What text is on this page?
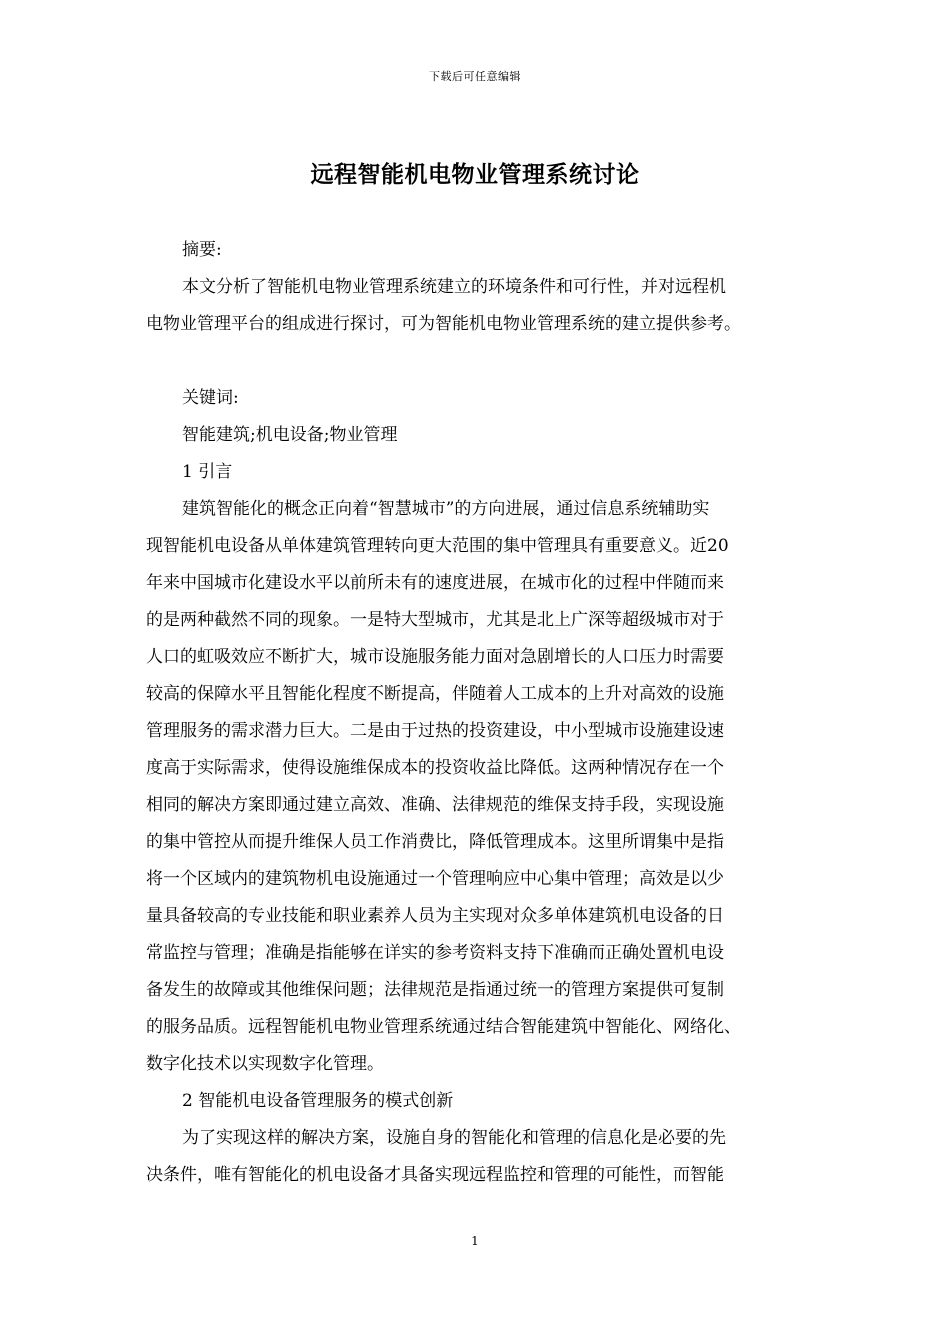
下载后可任意编辑
远程智能机电物业管理系统讨论

摘要:

本文分析了智能机电物业管理系统建立的环境条件和可行性，并对远程机
电物业管理平台的组成进行探讨，可为智能机电物业管理系统的建立提供参考。

关键词:

智能建筑;机电设备;物业管理

1 引言

建筑智能化的概念正向着“智慧城市”的方向进展，通过信息系统辅助实
现智能机电设备从单体建筑管理转向更大范围的集中管理具有重要意义。近20
年来中国城市化建设水平以前所未有的速度进展，在城市化的过程中伴随而来
的是两种截然不同的现象。一是特大型城市，尤其是北上广深等超级城市对于
人口的虹吸效应不断扩大，城市设施服务能力面对急剧增长的人口压力时需要
较高的保障水平且智能化程度不断提高，伴随着人工成本的上升对高效的设施
管理服务的需求潜力巨大。二是由于过热的投资建设，中小型城市设施建设速
度高于实际需求，使得设施维保成本的投资收益比降低。这两种情况存在一个
相同的解决方案即通过建立高效、准确、法律规范的维保支持手段，实现设施
的集中管控从而提升维保人员工作消费比，降低管理成本。这里所谓集中是指
将一个区域内的建筑物机电设施通过一个管理响应中心集中管理；高效是以少
量具备较高的专业技能和职业素养人员为主实现对众多单体建筑机电设备的日
常监控与管理；准确是指能够在详实的参考资料支持下准确而正确处置机电设
备发生的故障或其他维保问题；法律规范是指通过统一的管理方案提供可复制
的服务品质。远程智能机电物业管理系统通过结合智能建筑中智能化、网络化、
数字化技术以实现数字化管理。

2 智能机电设备管理服务的模式创新

为了实现这样的解决方案，设施自身的智能化和管理的信息化是必要的先
决条件，唯有智能化的机电设备才具备实现远程监控和管理的可能性，而智能
1
